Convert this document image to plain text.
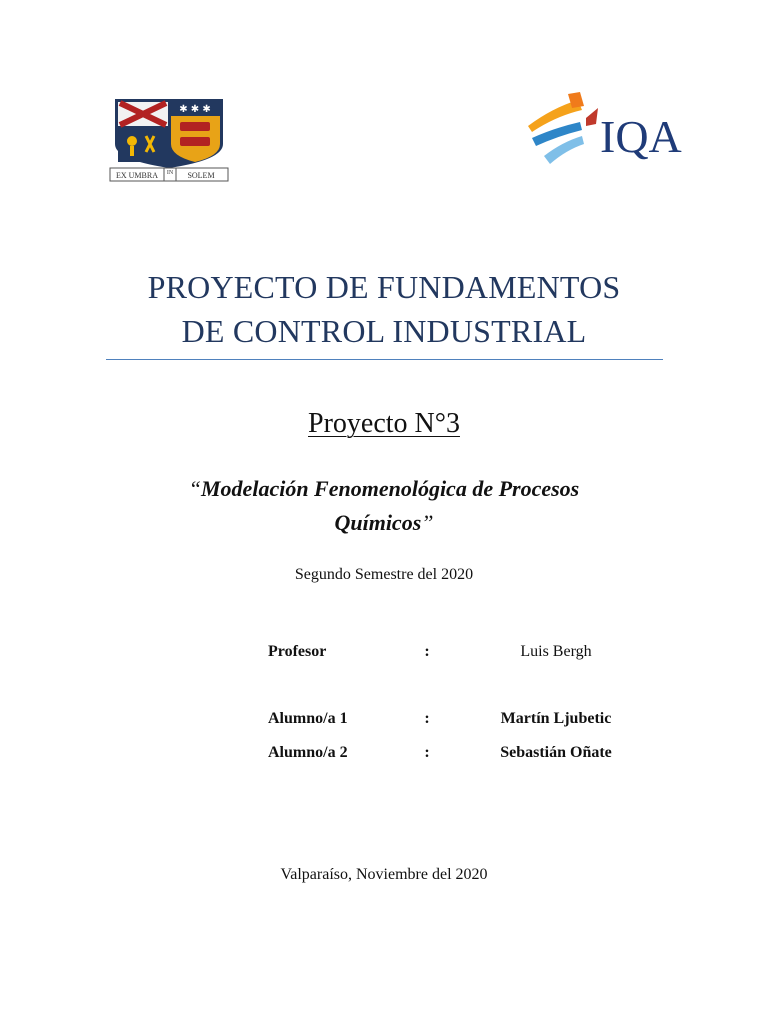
✱ ✱ ✱
EX UMBRA IN SOLEM
IQA
PROYECTO DE FUNDAMENTOS
DE CONTROL INDUSTRIAL
Proyecto N°3
“Modelación Fenomenológica de Procesos
Químicos”
Segundo Semestre del 2020
Profesor	:	Luis Bergh
Alumno/a 1	:	Martín Ljubetic
Alumno/a 2	:	Sebastián Oñate
Valparaíso, Noviembre del 2020
